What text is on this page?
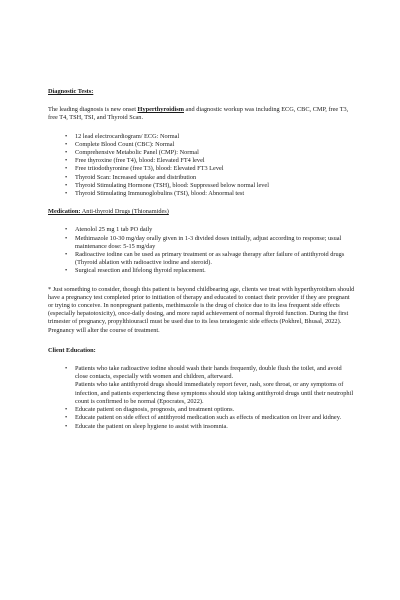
Diagnostic Tests:

The leading diagnosis is new onset Hyperthyroidism and diagnostic workup was including ECG, CBC, CMP, free T3, free T4, TSH, TSI, and Thyroid Scan.

• 12 lead electrocardiogram/ ECG: Normal
• Complete Blood Count (CBC): Normal
• Comprehensive Metabolic Panel (CMP): Normal
• Free thyroxine (free T4), blood: Elevated FT4 level
• Free triiodothyronine (free T3), blood: Elevated FT3 Level
• Thyroid Scan: Increased uptake and distribution
• Thyroid Stimulating Hormone (TSH), blood: Suppressed below normal level
• Thyroid Stimulating Immunoglobulins (TSI), blood: Abnormal test

Medication: Anti-thyroid Drugs (Thionamides)

• Atenolol 25 mg 1 tab PO daily
• Methimazole 10-30 mg/day orally given in 1-3 divided doses initially, adjust according to response; usual maintenance dose: 5-15 mg/day
• Radioactive iodine can be used as primary treatment or as salvage therapy after failure of antithyroid drugs (Thyroid ablation with radioactive iodine and steroid).
• Surgical resection and lifelong thyroid replacement.

* Just something to consider, though this patient is beyond childbearing age, clients we treat with hyperthyroidism should have a pregnancy test completed prior to initiation of therapy and educated to contact their provider if they are pregnant or trying to conceive. In nonpregnant patients, methimazole is the drug of choice due to its less frequent side effects (especially hepatotoxicity), once-daily dosing, and more rapid achievement of normal thyroid function. During the first trimester of pregnancy, propylthiouracil must be used due to its less teratogenic side effects (Pokhrel, Bhusal, 2022). Pregnancy will alter the course of treatment.

Client Education:

• Patients who take radioactive iodine should wash their hands frequently, double flush the toilet, and avoid close contacts, especially with women and children, afterward.
Patients who take antithyroid drugs should immediately report fever, rash, sore throat, or any symptoms of infection, and patients experiencing these symptoms should stop taking antithyroid drugs until their neutrophil count is confirmed to be normal (Epocrates, 2022).
• Educate patient on diagnosis, prognosis, and treatment options.
• Educate patient on side effect of antithyroid medication such as effects of medication on liver and kidney.
• Educate the patient on sleep hygiene to assist with insomnia.
